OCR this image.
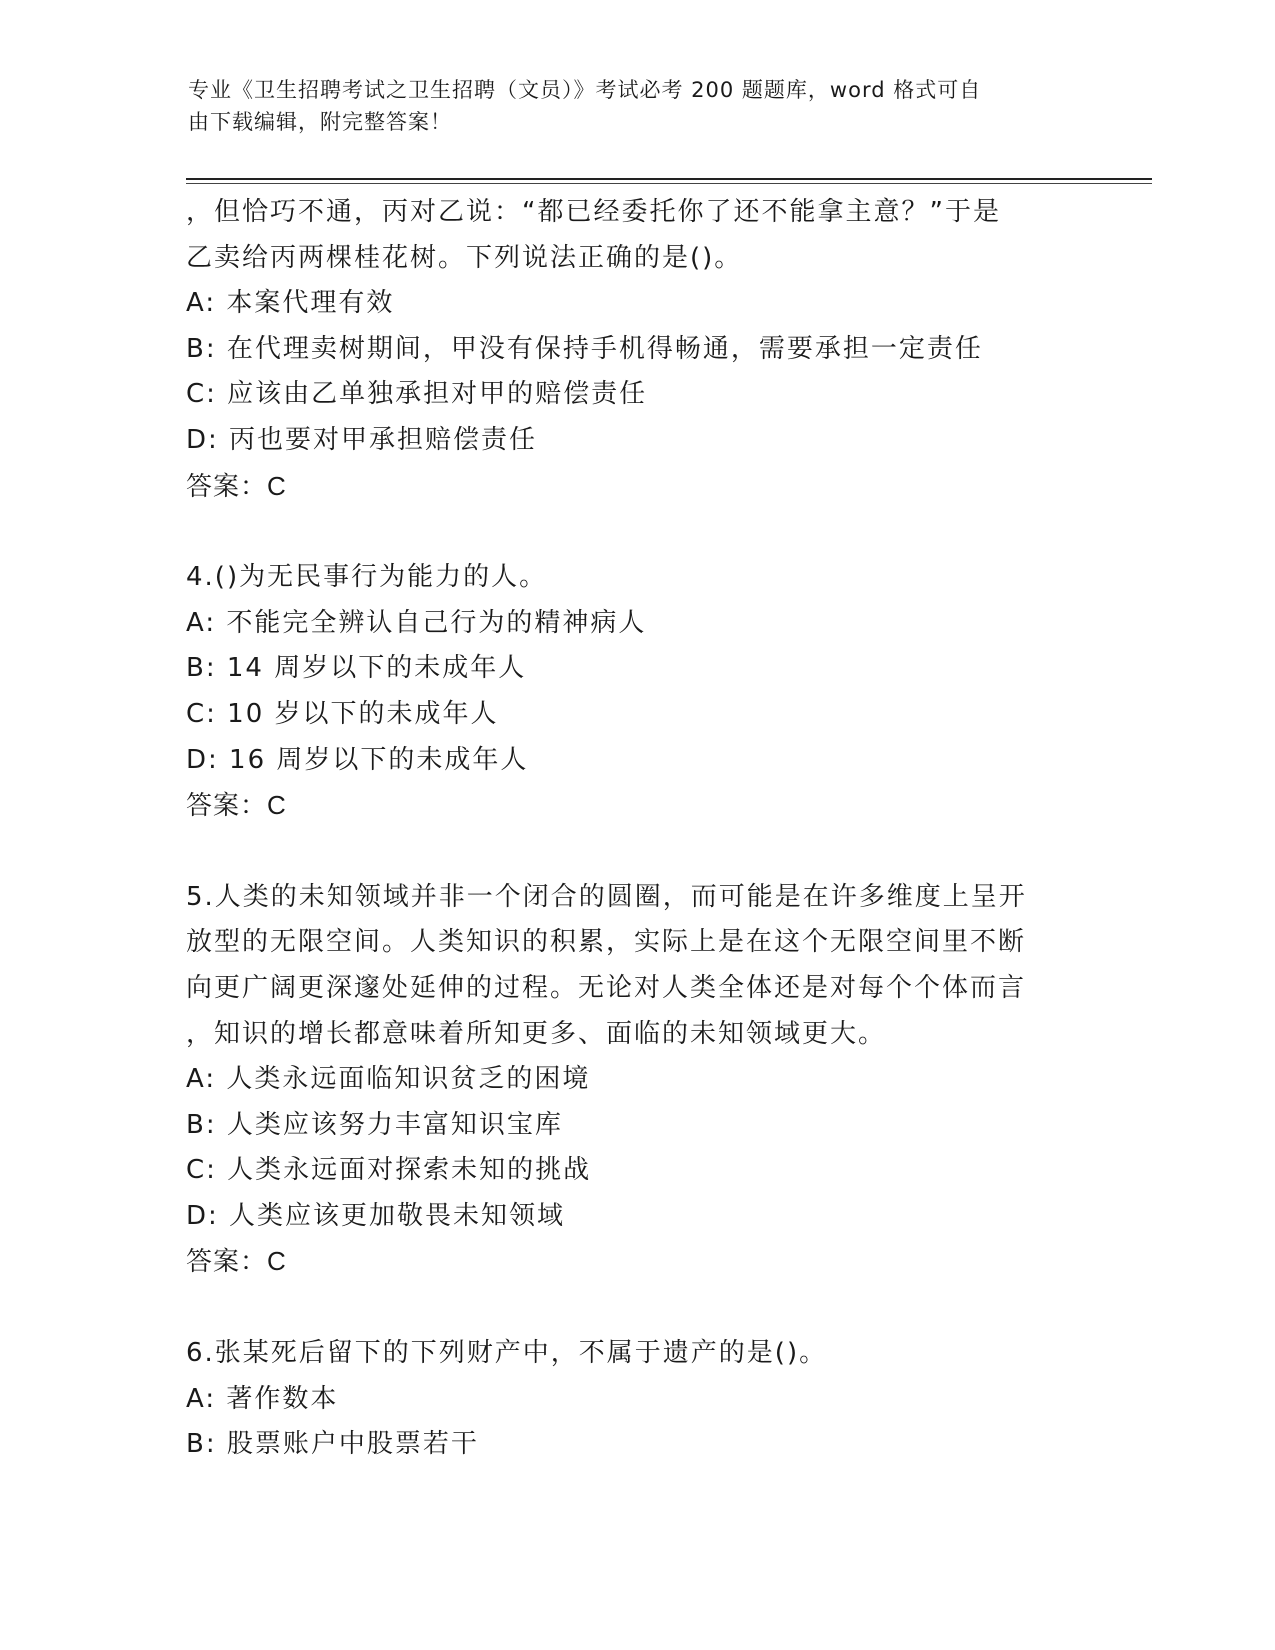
专业《卫生招聘考试之卫生招聘（文员）》考试必考 200 题题库，word 格式可自
由下载编辑，附完整答案！
，但恰巧不通，丙对乙说：“都已经委托你了还不能拿主意？”于是
乙卖给丙两棵桂花树。下列说法正确的是()。
A: 本案代理有效
B: 在代理卖树期间，甲没有保持手机得畅通，需要承担一定责任
C: 应该由乙单独承担对甲的赔偿责任
D: 丙也要对甲承担赔偿责任
答案：C
4.()为无民事行为能力的人。
A: 不能完全辨认自己行为的精神病人
B: 14 周岁以下的未成年人
C: 10 岁以下的未成年人
D: 16 周岁以下的未成年人
答案：C
5.人类的未知领域并非一个闭合的圆圈，而可能是在许多维度上呈开
放型的无限空间。人类知识的积累，实际上是在这个无限空间里不断
向更广阔更深邃处延伸的过程。无论对人类全体还是对每个个体而言
，知识的增长都意味着所知更多、面临的未知领域更大。
A: 人类永远面临知识贫乏的困境
B: 人类应该努力丰富知识宝库
C: 人类永远面对探索未知的挑战
D: 人类应该更加敬畏未知领域
答案：C
6.张某死后留下的下列财产中，不属于遗产的是()。
A: 著作数本
B: 股票账户中股票若干
